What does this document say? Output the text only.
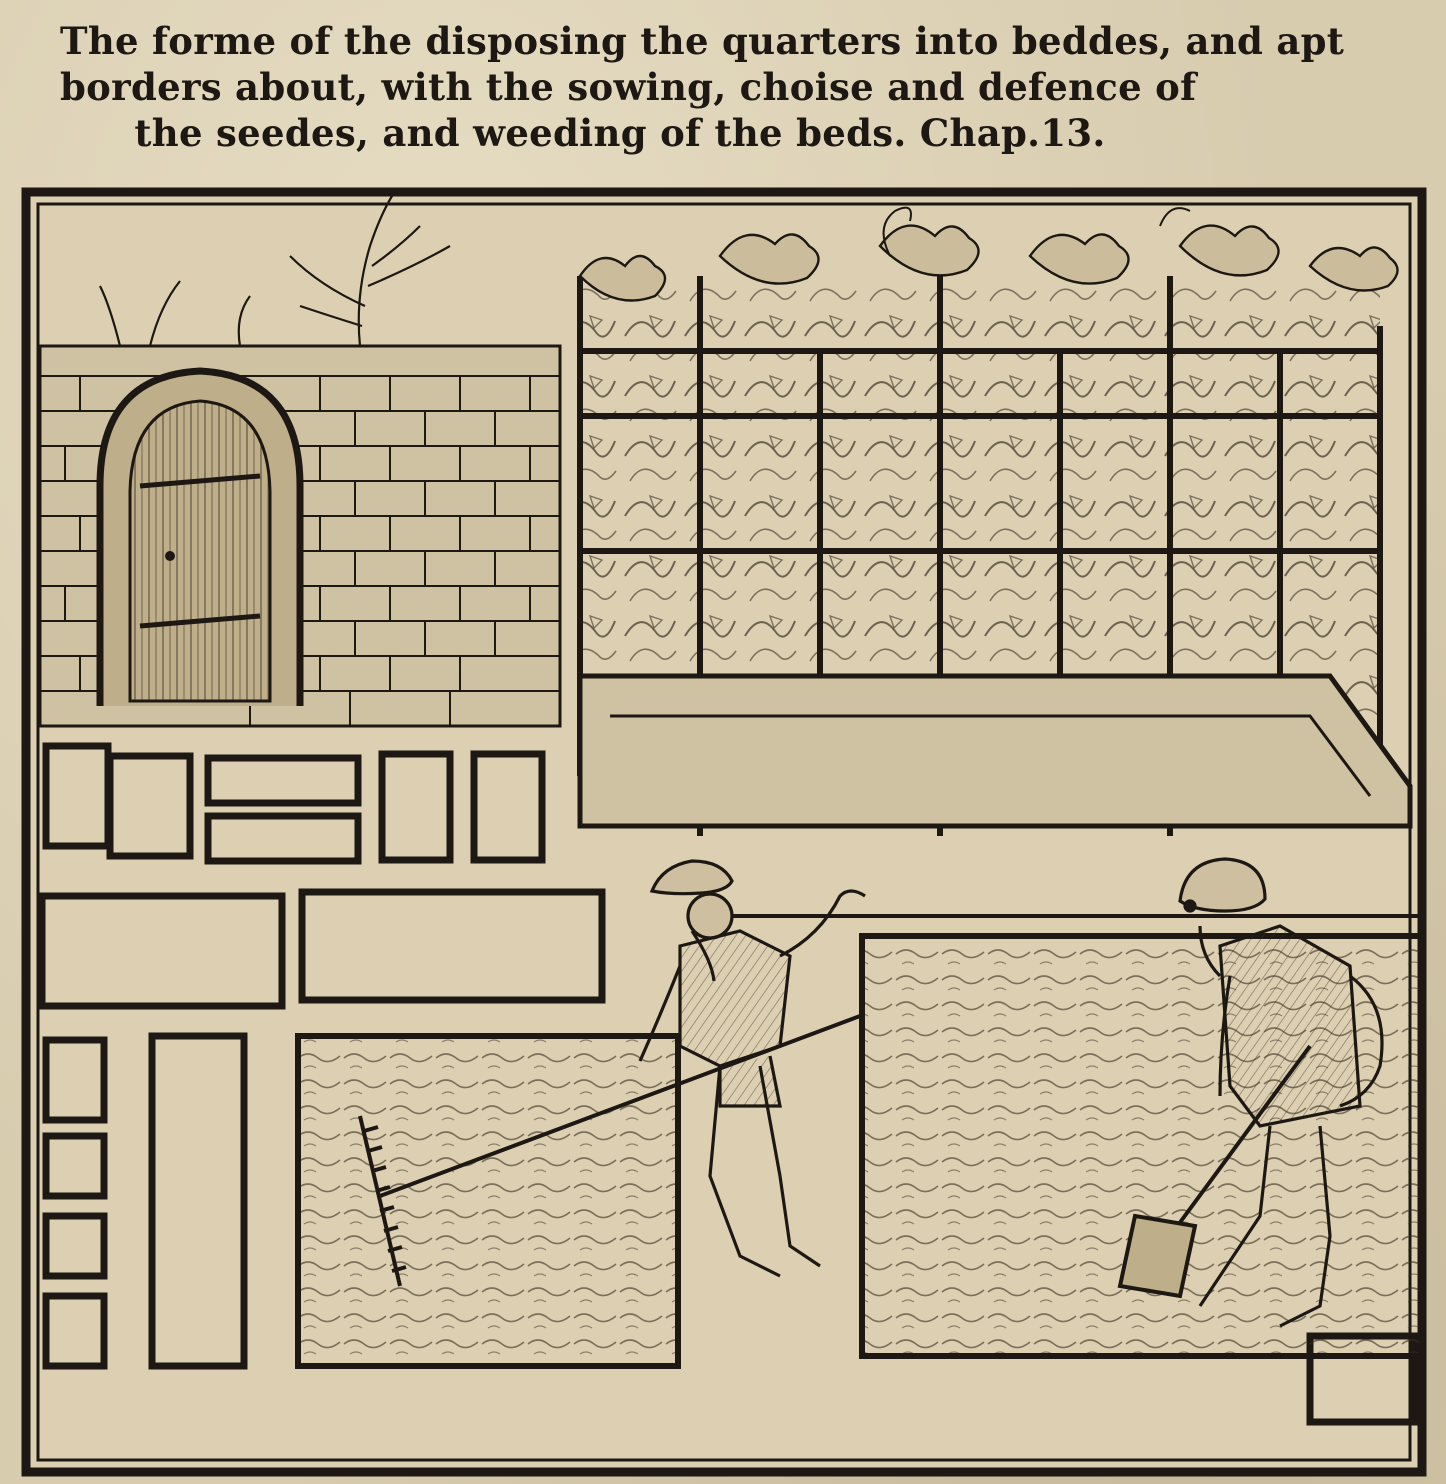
The forme of the disposing the quarters into beddes, and apt
borders about, with the sowing, choise and defence of
the seedes, and weeding of the beds. Chap.13.
